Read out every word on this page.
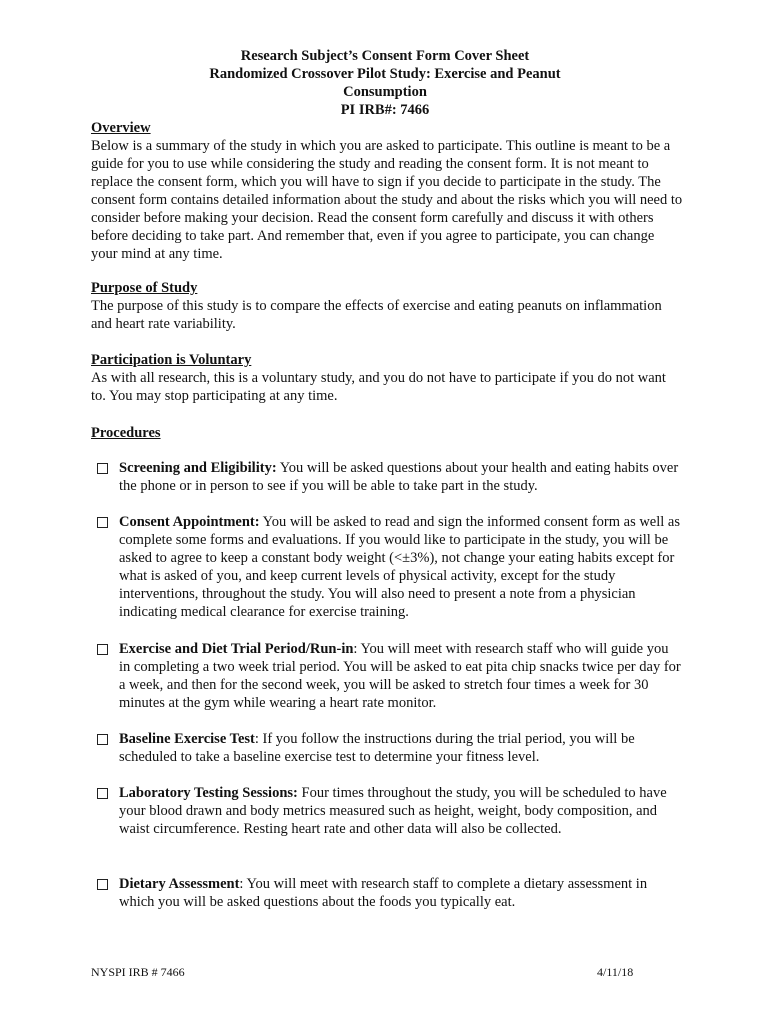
Research Subject’s Consent Form Cover Sheet
Randomized Crossover Pilot Study: Exercise and Peanut
Consumption
PI IRB#: 7466
Overview
Below is a summary of the study in which you are asked to participate. This outline is meant to be a guide for you to use while considering the study and reading the consent form. It is not meant to replace the consent form, which you will have to sign if you decide to participate in the study. The consent form contains detailed information about the study and about the risks which you will need to consider before making your decision. Read the consent form carefully and discuss it with others before deciding to take part. And remember that, even if you agree to participate, you can change your mind at any time.
Purpose of Study
The purpose of this study is to compare the effects of exercise and eating peanuts on inflammation and heart rate variability.
Participation is Voluntary
As with all research, this is a voluntary study, and you do not have to participate if you do not want to. You may stop participating at any time.
Procedures
Screening and Eligibility: You will be asked questions about your health and eating habits over the phone or in person to see if you will be able to take part in the study.
Consent Appointment: You will be asked to read and sign the informed consent form as well as complete some forms and evaluations. If you would like to participate in the study, you will be asked to agree to keep a constant body weight (<±3%), not change your eating habits except for what is asked of you, and keep current levels of physical activity, except for the study interventions, throughout the study. You will also need to present a note from a physician indicating medical clearance for exercise training.
Exercise and Diet Trial Period/Run-in: You will meet with research staff who will guide you in completing a two week trial period. You will be asked to eat pita chip snacks twice per day for a week, and then for the second week, you will be asked to stretch four times a week for 30 minutes at the gym while wearing a heart rate monitor.
Baseline Exercise Test: If you follow the instructions during the trial period, you will be scheduled to take a baseline exercise test to determine your fitness level.
Laboratory Testing Sessions: Four times throughout the study, you will be scheduled to have your blood drawn and body metrics measured such as height, weight, body composition, and waist circumference. Resting heart rate and other data will also be collected.
Dietary Assessment: You will meet with research staff to complete a dietary assessment in which you will be asked questions about the foods you typically eat.
NYSPI IRB # 7466	4/11/18
